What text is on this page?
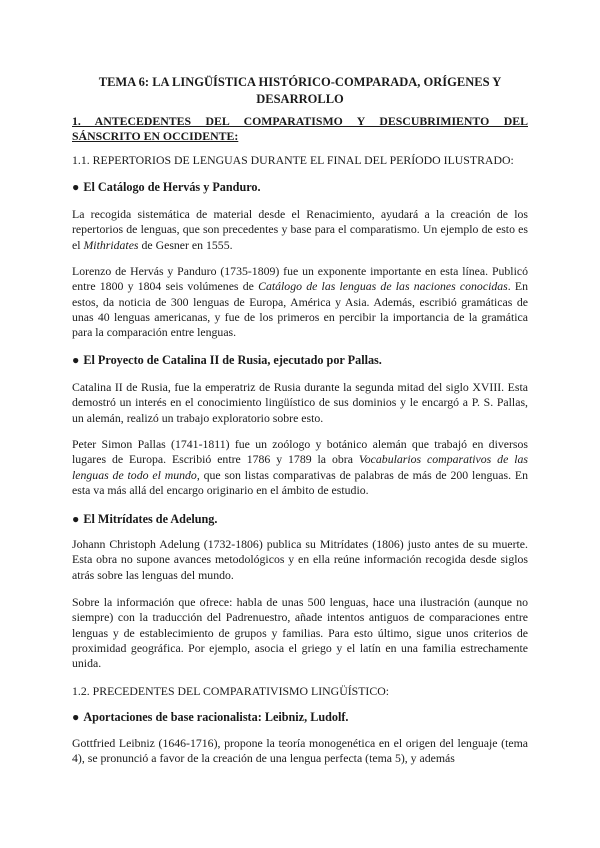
TEMA 6: LA LINGÜÍSTICA HISTÓRICO-COMPARADA, ORÍGENES Y DESARROLLO
1. ANTECEDENTES DEL COMPARATISMO Y DESCUBRIMIENTO DEL SÁNSCRITO EN OCCIDENTE:
1.1. REPERTORIOS DE LENGUAS DURANTE EL FINAL DEL PERÍODO ILUSTRADO:
● El Catálogo de Hervás y Panduro.
La recogida sistemática de material desde el Renacimiento, ayudará a la creación de los repertorios de lenguas, que son precedentes y base para el comparatismo. Un ejemplo de esto es el Mithridates de Gesner en 1555.
Lorenzo de Hervás y Panduro (1735-1809) fue un exponente importante en esta línea. Publicó entre 1800 y 1804 seis volúmenes de Catálogo de las lenguas de las naciones conocidas. En estos, da noticia de 300 lenguas de Europa, América y Asia. Además, escribió gramáticas de unas 40 lenguas americanas, y fue de los primeros en percibir la importancia de la gramática para la comparación entre lenguas.
● El Proyecto de Catalina II de Rusia, ejecutado por Pallas.
Catalina II de Rusia, fue la emperatriz de Rusia durante la segunda mitad del siglo XVIII. Esta demostró un interés en el conocimiento lingüístico de sus dominios y le encargó a P. S. Pallas, un alemán, realizó un trabajo exploratorio sobre esto.
Peter Simon Pallas (1741-1811) fue un zoólogo y botánico alemán que trabajó en diversos lugares de Europa. Escribió entre 1786 y 1789 la obra Vocabularios comparativos de las lenguas de todo el mundo, que son listas comparativas de palabras de más de 200 lenguas. En esta va más allá del encargo originario en el ámbito de estudio.
● El Mitrídates de Adelung.
Johann Christoph Adelung (1732-1806) publica su Mitrídates (1806) justo antes de su muerte. Esta obra no supone avances metodológicos y en ella reúne información recogida desde siglos atrás sobre las lenguas del mundo.
Sobre la información que ofrece: habla de unas 500 lenguas, hace una ilustración (aunque no siempre) con la traducción del Padrenuestro, añade intentos antiguos de comparaciones entre lenguas y de establecimiento de grupos y familias. Para esto último, sigue unos criterios de proximidad geográfica. Por ejemplo, asocia el griego y el latín en una familia estrechamente unida.
1.2. PRECEDENTES DEL COMPARATIVISMO LINGÜÍSTICO:
● Aportaciones de base racionalista: Leibniz, Ludolf.
Gottfried Leibniz (1646-1716), propone la teoría monogenética en el origen del lenguaje (tema 4), se pronunció a favor de la creación de una lengua perfecta (tema 5), y además
